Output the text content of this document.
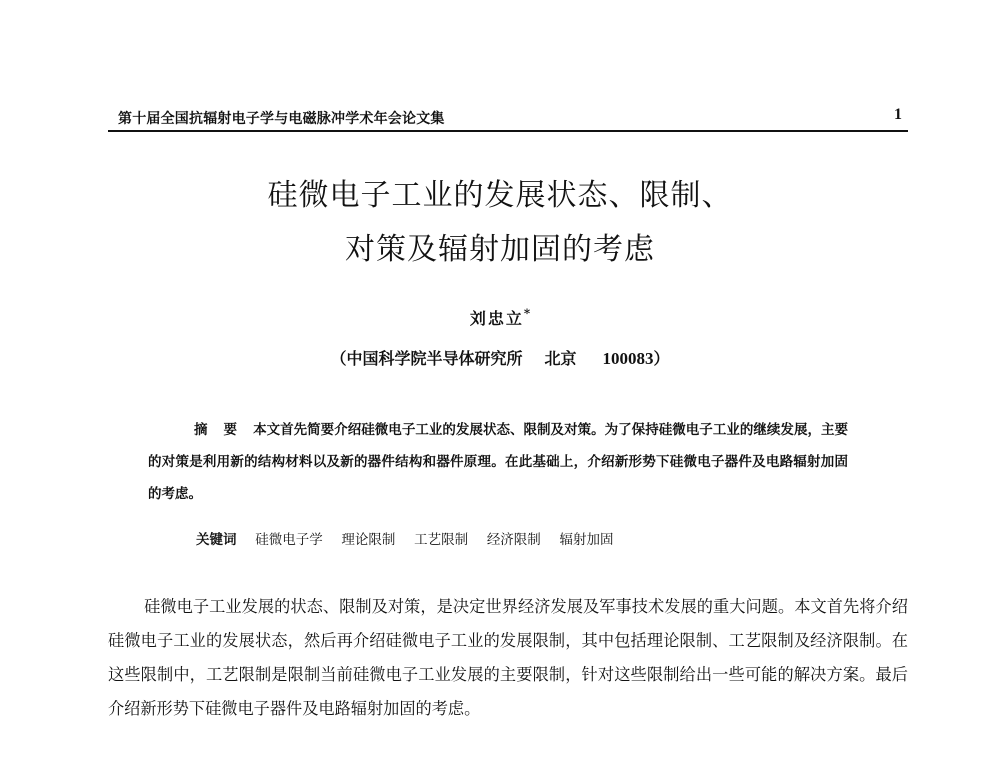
第十届全国抗辐射电子学与电磁脉冲学术年会论文集	1
硅微电子工业的发展状态、限制、
对策及辐射加固的考虑
刘忠立*
（中国科学院半导体研究所 北京 100083）
摘要本文首先简要介绍硅微电子工业的发展状态、限制及对策。为了保持硅微电子工业的继续发展，主要的对策是利用新的结构材料以及新的器件结构和器件原理。在此基础上，介绍新形势下硅微电子器件及电路辐射加固的考虑。
关键词 硅微电子学 理论限制 工艺限制 经济限制 辐射加固
硅微电子工业发展的状态、限制及对策，是决定世界经济发展及军事技术发展的重大问题。本文首先将介绍硅微电子工业的发展状态，然后再介绍硅微电子工业的发展限制，其中包括理论限制、工艺限制及经济限制。在这些限制中，工艺限制是限制当前硅微电子工业发展的主要限制，针对这些限制给出一些可能的解决方案。最后介绍新形势下硅微电子器件及电路辐射加固的考虑。
